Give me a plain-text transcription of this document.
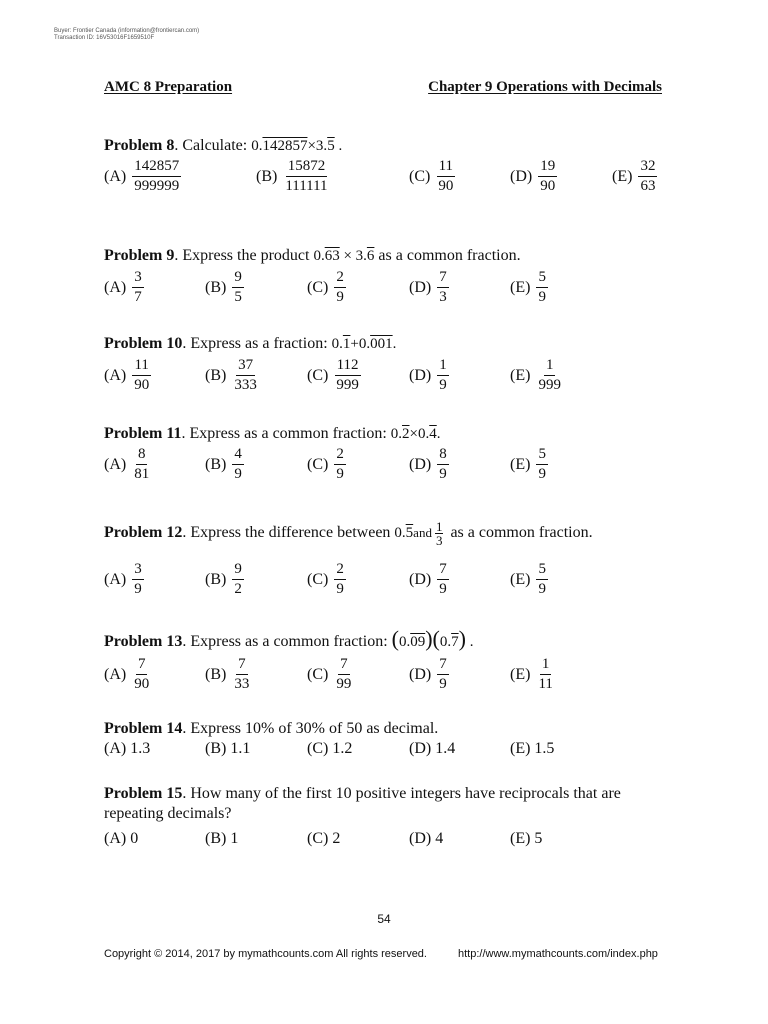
Buyer: Frontier Canada (information@frontiercan.com)
Transaction ID: 16V53016F1659510F
AMC 8 Preparation	Chapter 9 Operations with Decimals
Problem 8. Calculate: 0.142857×3.5 .
$(A) \frac{142857}{999999}$	$(B) \frac{15872}{111111}$	$(C) \frac{11}{90}$	$(D) \frac{19}{90}$	$(E) \frac{32}{63}$
Problem 9. Express the product 0.63 × 3.6 as a common fraction.
$(A) \frac{3}{7}$	$(B) \frac{9}{5}$	$(C) \frac{2}{9}$	$(D) \frac{7}{3}$	$(E) \frac{5}{9}$
Problem 10. Express as a fraction: 0.1+0.001.
$(A) \frac{11}{90}$	$(B) \frac{37}{333}$	$(C) \frac{112}{999}$	$(D) \frac{1}{9}$	$(E) \frac{1}{999}$
Problem 11. Express as a common fraction: 0.2×0.4.
$(A) \frac{8}{81}$	$(B) \frac{4}{9}$	$(C) \frac{2}{9}$	$(D) \frac{8}{9}$	$(E) \frac{5}{9}$
Problem 12. Express the difference between $0.5and \frac{1}{3}$ as a common fraction.
$(A) \frac{3}{9}$	$(B) \frac{9}{2}$	$(C) \frac{2}{9}$	$(D) \frac{7}{9}$	$(E) \frac{5}{9}$
Problem 13. Express as a common fraction: (0.09)(0.7) .
$(A) \frac{7}{90}$	$(B) \frac{7}{33}$	$(C) \frac{7}{99}$	$(D) \frac{7}{9}$	$(E) \frac{1}{11}$
Problem 14. Express 10% of 30% of 50 as decimal.
(A) 1.3	(B) 1.1	(C) 1.2	(D) 1.4	(E) 1.5
Problem 15. How many of the first 10 positive integers have reciprocals that are
repeating decimals?
(A) 0	(B) 1	(C) 2	(D) 4	(E) 5
54
Copyright © 2014, 2017 by mymathcounts.com All rights reserved.	http://www.mymathcounts.com/index.php
